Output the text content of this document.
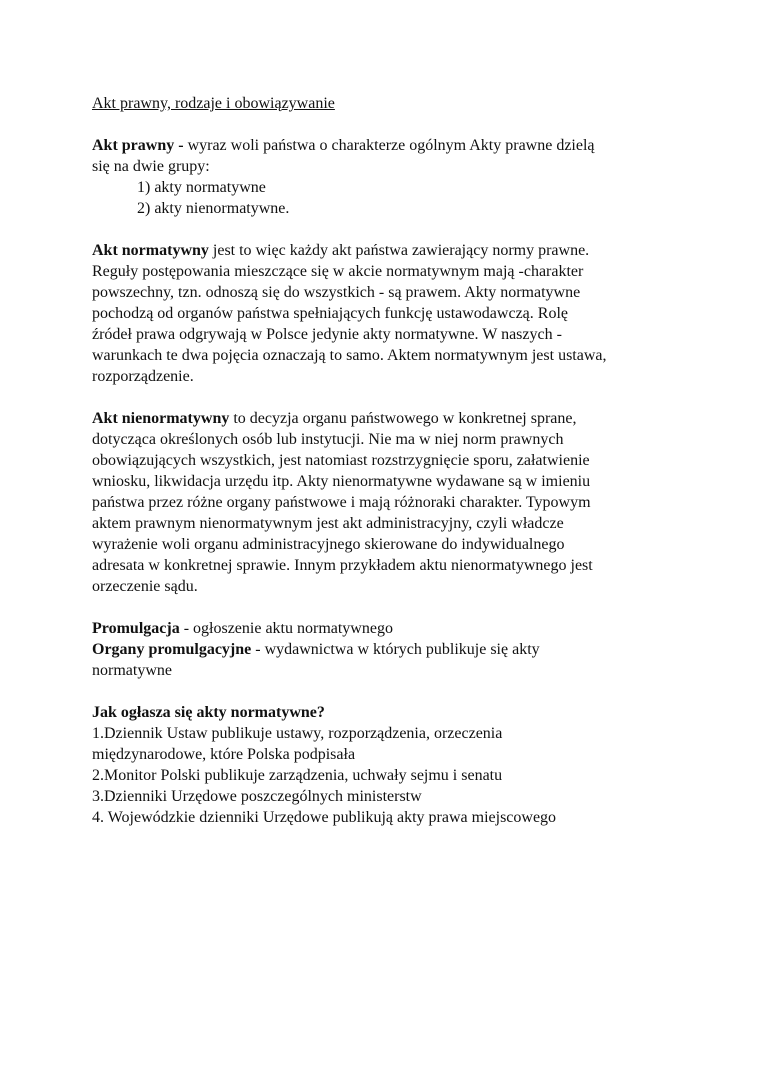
Akt prawny, rodzaje i obowiązywanie

Akt prawny - wyraz woli państwa o charakterze ogólnym Akty prawne dzielą

się na dwie grupy:

1) akty normatywne

2) akty nienormatywne.

Akt normatywny jest to więc każdy akt państwa zawierający normy prawne.

Reguły postępowania mieszczące się w akcie normatywnym mają -charakter

powszechny, tzn. odnoszą się do wszystkich - są prawem. Akty normatywne

pochodzą od organów państwa spełniających funkcję ustawodawczą. Rolę

źródeł prawa odgrywają w Polsce jedynie akty normatywne. W naszych -

warunkach te dwa pojęcia oznaczają to samo. Aktem normatywnym jest ustawa,

rozporządzenie.

Akt nienormatywny to decyzja organu państwowego w konkretnej sprane,

dotycząca określonych osób lub instytucji. Nie ma w niej norm prawnych

obowiązujących wszystkich, jest natomiast rozstrzygnięcie sporu, załatwienie

wniosku, likwidacja urzędu itp. Akty nienormatywne wydawane są w imieniu

państwa przez różne organy państwowe i mają różnoraki charakter. Typowym

aktem prawnym nienormatywnym jest akt administracyjny, czyli władcze

wyrażenie woli organu administracyjnego skierowane do indywidualnego

adresata w konkretnej sprawie. Innym przykładem aktu nienormatywnego jest

orzeczenie sądu.

Promulgacja - ogłoszenie aktu normatywnego

Organy promulgacyjne - wydawnictwa w których publikuje się akty

normatywne

Jak ogłasza się akty normatywne?

1.Dziennik Ustaw publikuje ustawy, rozporządzenia, orzeczenia

międzynarodowe, które Polska podpisała

2.Monitor Polski publikuje zarządzenia, uchwały sejmu i senatu

3.Dzienniki Urzędowe poszczególnych ministerstw

4. Wojewódzkie dzienniki Urzędowe publikują akty prawa miejscowego
